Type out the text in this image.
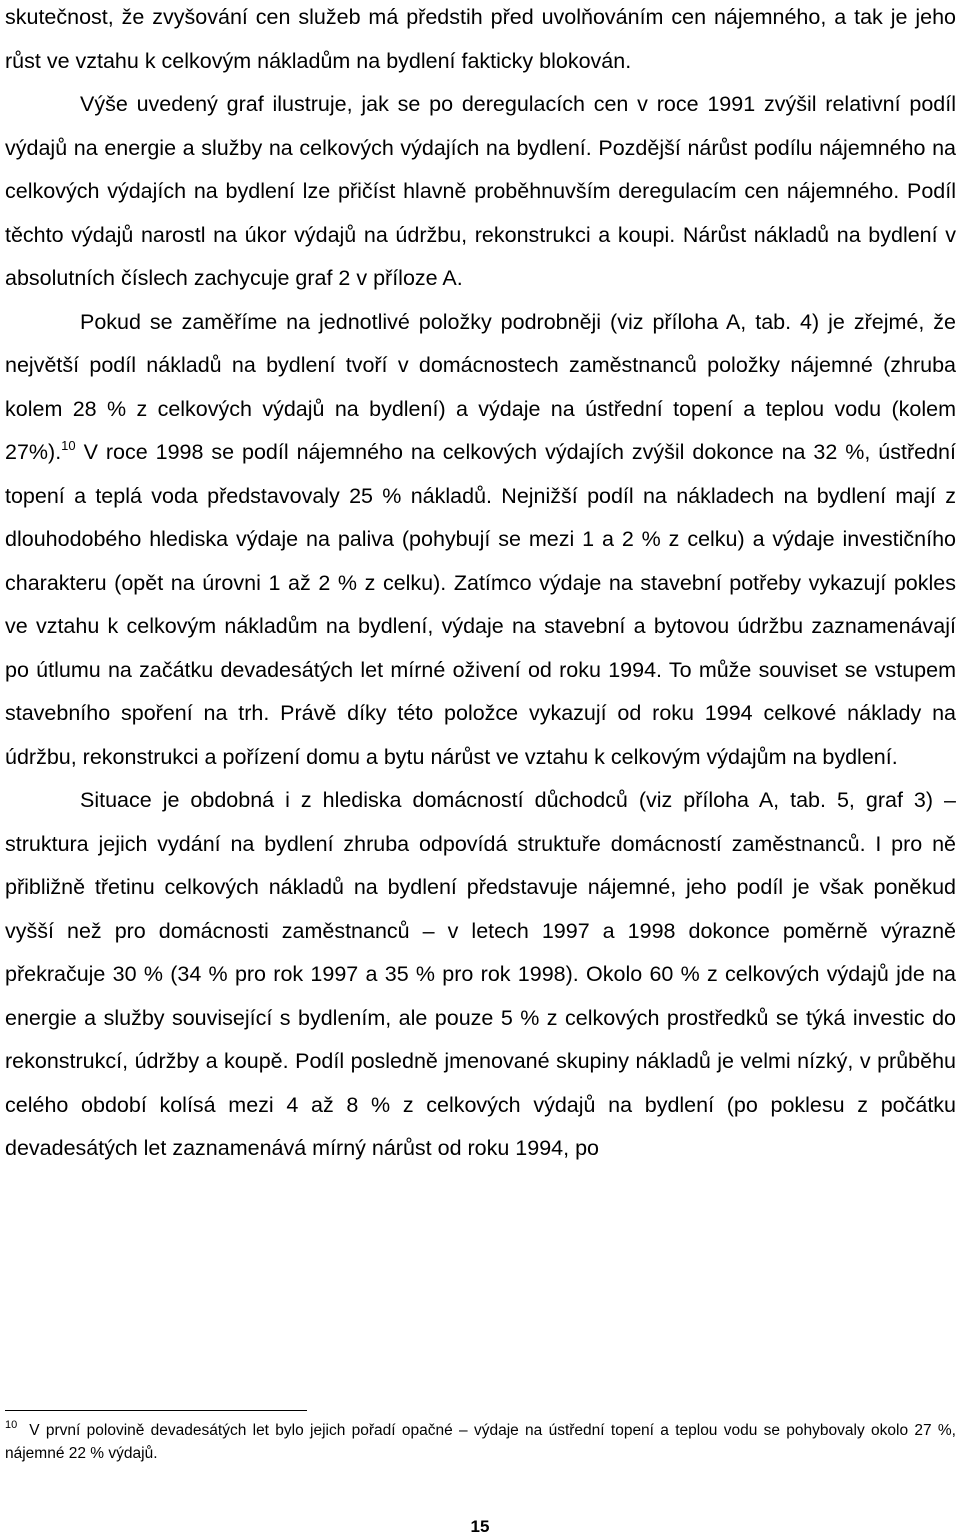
skutečnost, že zvyšování cen služeb má předstih před uvolňováním cen nájemného, a tak je jeho růst ve vztahu k celkovým nákladům na bydlení fakticky blokován.

Výše uvedený graf ilustruje, jak se po deregulacích cen v roce 1991 zvýšil relativní podíl výdajů na energie a služby na celkových výdajích na bydlení. Pozdější nárůst podílu nájemného na celkových výdajích na bydlení lze přičíst hlavně proběhnuvším deregulacím cen nájemného. Podíl těchto výdajů narostl na úkor výdajů na údržbu, rekonstrukci a koupi. Nárůst nákladů na bydlení v absolutních číslech zachycuje graf 2 v příloze A.

Pokud se zaměříme na jednotlivé položky podrobněji (viz příloha A, tab. 4) je zřejmé, že největší podíl nákladů na bydlení tvoří v domácnostech zaměstnanců položky nájemné (zhruba kolem 28 % z celkových výdajů na bydlení) a výdaje na ústřední topení a teplou vodu (kolem 27%).$^{10}$ V roce 1998 se podíl nájemného na celkových výdajích zvýšil dokonce na 32 %, ústřední topení a teplá voda představovaly 25 % nákladů. Nejnižší podíl na nákladech na bydlení mají z dlouhodobého hlediska výdaje na paliva (pohybují se mezi 1 a 2 % z celku) a výdaje investičního charakteru (opět na úrovni 1 až 2 % z celku). Zatímco výdaje na stavební potřeby vykazují pokles ve vztahu k celkovým nákladům na bydlení, výdaje na stavební a bytovou údržbu zaznamenávají po útlumu na začátku devadesátých let mírné oživení od roku 1994. To může souviset se vstupem stavebního spoření na trh. Právě díky této položce vykazují od roku 1994 celkové náklady na údržbu, rekonstrukci a pořízení domu a bytu nárůst ve vztahu k celkovým výdajům na bydlení.

Situace je obdobná i z hlediska domácností důchodců (viz příloha A, tab. 5, graf 3) – struktura jejich vydání na bydlení zhruba odpovídá struktuře domácností zaměstnanců. I pro ně přibližně třetinu celkových nákladů na bydlení představuje nájemné, jeho podíl je však poněkud vyšší než pro domácnosti zaměstnanců – v letech 1997 a 1998 dokonce poměrně výrazně překračuje 30 % (34 % pro rok 1997 a 35 % pro rok 1998). Okolo 60 % z celkových výdajů jde na energie a služby související s bydlením, ale pouze 5 % z celkových prostředků se týká investic do rekonstrukcí, údržby a koupě. Podíl posledně jmenované skupiny nákladů je velmi nízký, v průběhu celého období kolísá mezi 4 až 8 % z celkových výdajů na bydlení (po poklesu z počátku devadesátých let zaznamenává mírný nárůst od roku 1994, po

$^{10}$ V první polovině devadesátých let bylo jejich pořadí opačné – výdaje na ústřední topení a teplou vodu se pohybovaly okolo 27 %, nájemné 22 % výdajů.

15
